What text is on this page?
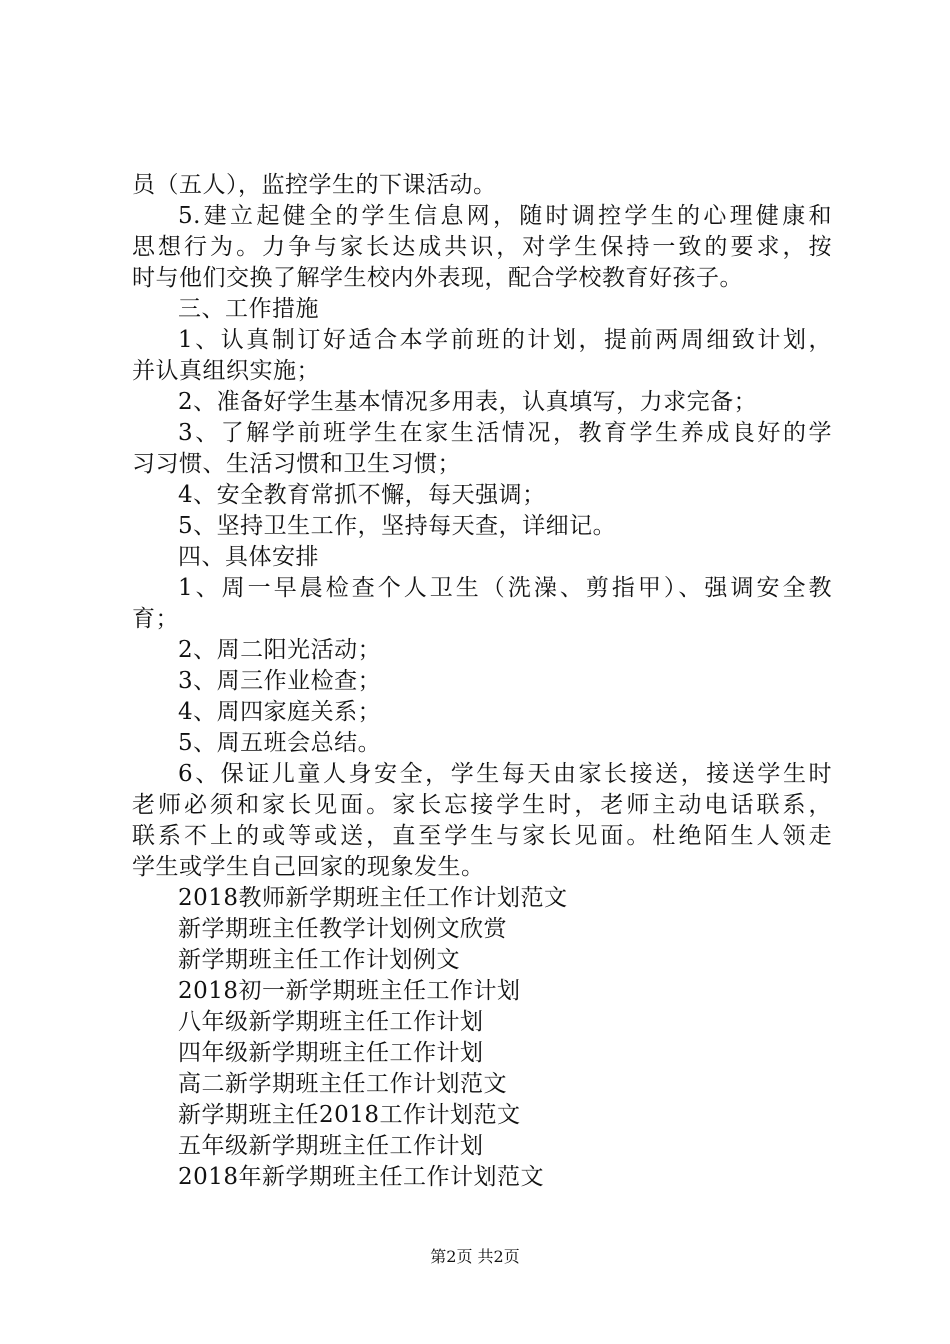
员（五人），监控学生的下课活动。
5.建立起健全的学生信息网，随时调控学生的心理健康和
思想行为。力争与家长达成共识，对学生保持一致的要求，按
时与他们交换了解学生校内外表现，配合学校教育好孩子。
三、工作措施
1、认真制订好适合本学前班的计划，提前两周细致计划，
并认真组织实施；
2、准备好学生基本情况多用表，认真填写，力求完备；
3、了解学前班学生在家生活情况，教育学生养成良好的学
习习惯、生活习惯和卫生习惯；
4、安全教育常抓不懈，每天强调；
5、坚持卫生工作，坚持每天查，详细记。
四、具体安排
1、周一早晨检查个人卫生（洗澡、剪指甲）、强调安全教
育；
2、周二阳光活动；
3、周三作业检查；
4、周四家庭关系；
5、周五班会总结。
6、保证儿童人身安全，学生每天由家长接送，接送学生时
老师必须和家长见面。家长忘接学生时，老师主动电话联系，
联系不上的或等或送，直至学生与家长见面。杜绝陌生人领走
学生或学生自己回家的现象发生。
2018教师新学期班主任工作计划范文
新学期班主任教学计划例文欣赏
新学期班主任工作计划例文
2018初一新学期班主任工作计划
八年级新学期班主任工作计划
四年级新学期班主任工作计划
高二新学期班主任工作计划范文
新学期班主任2018工作计划范文
五年级新学期班主任工作计划
2018年新学期班主任工作计划范文
第2页 共2页
